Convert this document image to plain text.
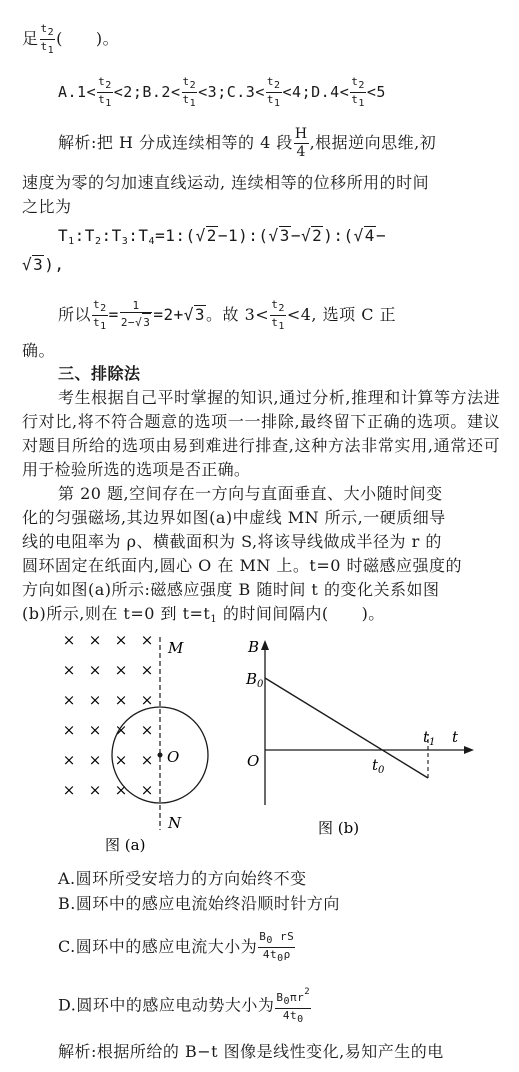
足 $\frac{t2}{t1}$ (　　)。
$A.1< \frac{t2}{t1}$ <2;B.2< $\frac{t2}{t1}$ <3;C.3< $\frac{t2}{t1}$ <4;D.4< $\frac{t2}{t1} <5$
解析:把 H 分成连续相等的 4 段 $\frac{H}{4}$ ,根据逆向思维,初
速度为零的匀加速直线运动, 连续相等的位移所用的时间
之比为
$T_1:T_2:T_3:T_4=1:(√2-1):(√3-√2):(√4-$
√3),
所以 $\frac{t2}{t1} = \frac{1}{2-√3} =2+√3$。故 $3< \frac{t2}{t1} <4$, 选项 C 正
确。
三、排除法
考生根据自己平时掌握的知识,通过分析,推理和计算等方法进行对比,将不符合题意的选项一一排除,最终留下正确的选项。建议对题目所给的选项由易到难进行排查,这种方法非常实用,通常还可用于检验所选的选项是否正确。
第 20 题,空间存在一方向与直面垂直、大小随时间变
化的匀强磁场,其边界如图(a)中虚线 MN 所示,一硬质细导
线的电阻率为 ρ、横截面积为 S,将该导线做成半径为 r 的
圆环固定在纸面内,圆心 O 在 MN 上。t=0 时磁感应强度的
方向如图(a)所示:磁感应强度 B 随时间 t 的变化关系如图
(b)所示,则在 t=0 到 $t=t_1$ 的时间间隔内(　　)。
× × × ×
× × × ×
× × × ×
× × × ×
× × × ×
× × × ×
M
O
N
图 (a)
B
$B_0$
O	$t_0$
$t_1$ t
图 (b)
A.圆环所受安培力的方向始终不变
B.圆环中的感应电流始终沿顺时针方向
C.圆环中的感应电流大小为 $\frac{B0 rS}{4t0\rho}$
D.圆环中的感应电动势大小为 $\frac{B0\pi r^2}{4t0}$
解析:根据所给的 B−t 图像是线性变化,易知产生的电
